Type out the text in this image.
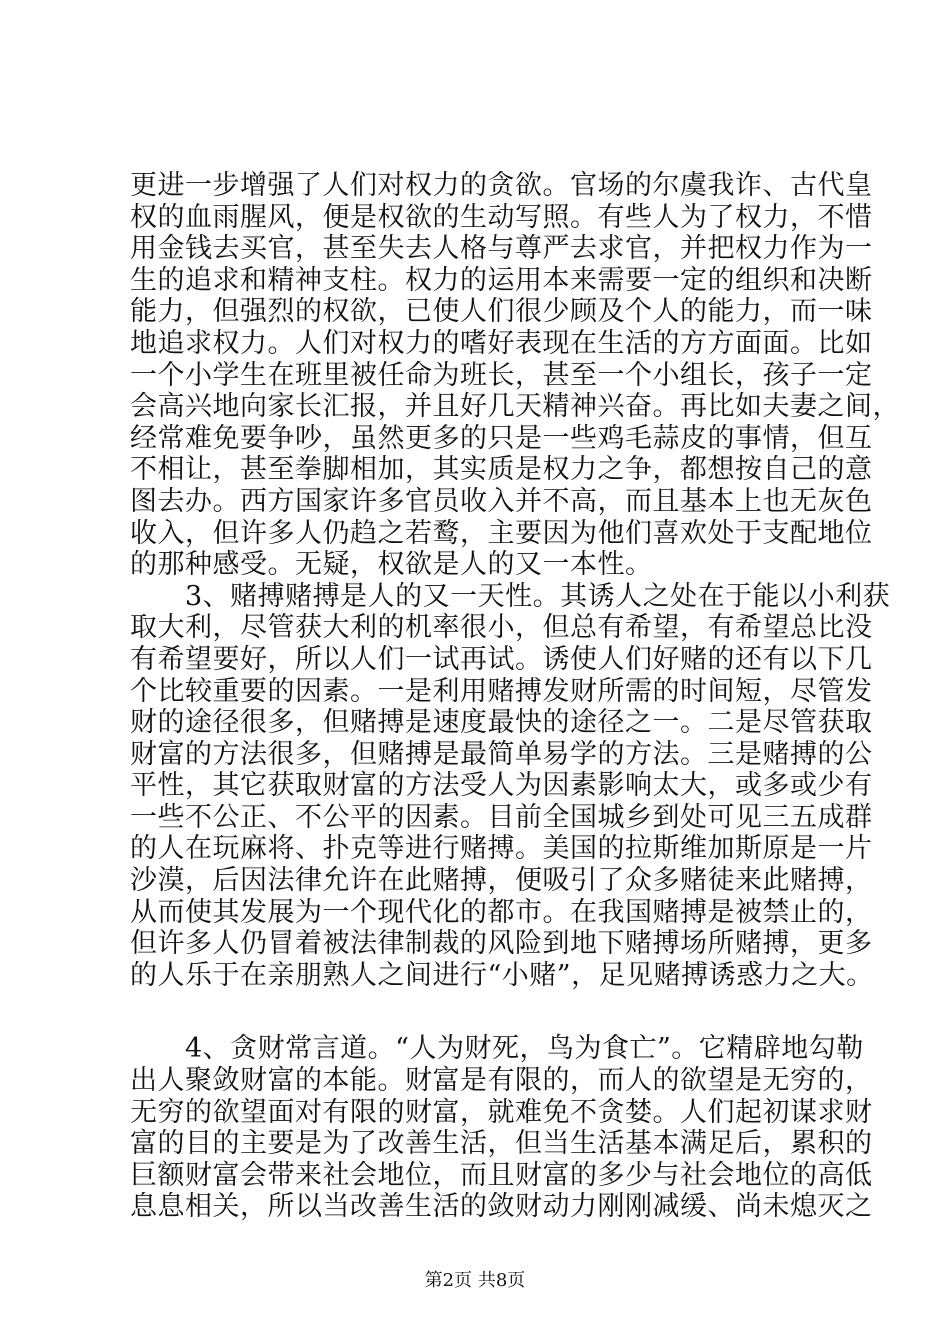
更进一步增强了人们对权力的贪欲。官场的尔虞我诈、古代皇
权的血雨腥风，便是权欲的生动写照。有些人为了权力，不惜
用金钱去买官，甚至失去人格与尊严去求官，并把权力作为一
生的追求和精神支柱。权力的运用本来需要一定的组织和决断
能力，但强烈的权欲，已使人们很少顾及个人的能力，而一味
地追求权力。人们对权力的嗜好表现在生活的方方面面。比如
一个小学生在班里被任命为班长，甚至一个小组长，孩子一定
会高兴地向家长汇报，并且好几天精神兴奋。再比如夫妻之间，
经常难免要争吵，虽然更多的只是一些鸡毛蒜皮的事情，但互
不相让，甚至拳脚相加，其实质是权力之争，都想按自己的意
图去办。西方国家许多官员收入并不高，而且基本上也无灰色
收入，但许多人仍趋之若鹜，主要因为他们喜欢处于支配地位
的那种感受。无疑，权欲是人的又一本性。
　　3、赌搏赌搏是人的又一天性。其诱人之处在于能以小利获
取大利，尽管获大利的机率很小，但总有希望，有希望总比没
有希望要好，所以人们一试再试。诱使人们好赌的还有以下几
个比较重要的因素。一是利用赌搏发财所需的时间短，尽管发
财的途径很多，但赌搏是速度最快的途径之一。二是尽管获取
财富的方法很多，但赌搏是最简单易学的方法。三是赌搏的公
平性，其它获取财富的方法受人为因素影响太大，或多或少有
一些不公正、不公平的因素。目前全国城乡到处可见三五成群
的人在玩麻将、扑克等进行赌搏。美国的拉斯维加斯原是一片
沙漠，后因法律允许在此赌搏，便吸引了众多赌徒来此赌搏，
从而使其发展为一个现代化的都市。在我国赌搏是被禁止的，
但许多人仍冒着被法律制裁的风险到地下赌搏场所赌搏，更多
的人乐于在亲朋熟人之间进行“小赌”，足见赌搏诱惑力之大。
　　4、贪财常言道。“人为财死，鸟为食亡”。它精辟地勾勒
出人聚敛财富的本能。财富是有限的，而人的欲望是无穷的，
无穷的欲望面对有限的财富，就难免不贪婪。人们起初谋求财
富的目的主要是为了改善生活，但当生活基本满足后，累积的
巨额财富会带来社会地位，而且财富的多少与社会地位的高低
息息相关，所以当改善生活的敛财动力刚刚减缓、尚未熄灭之
第2页 共8页
